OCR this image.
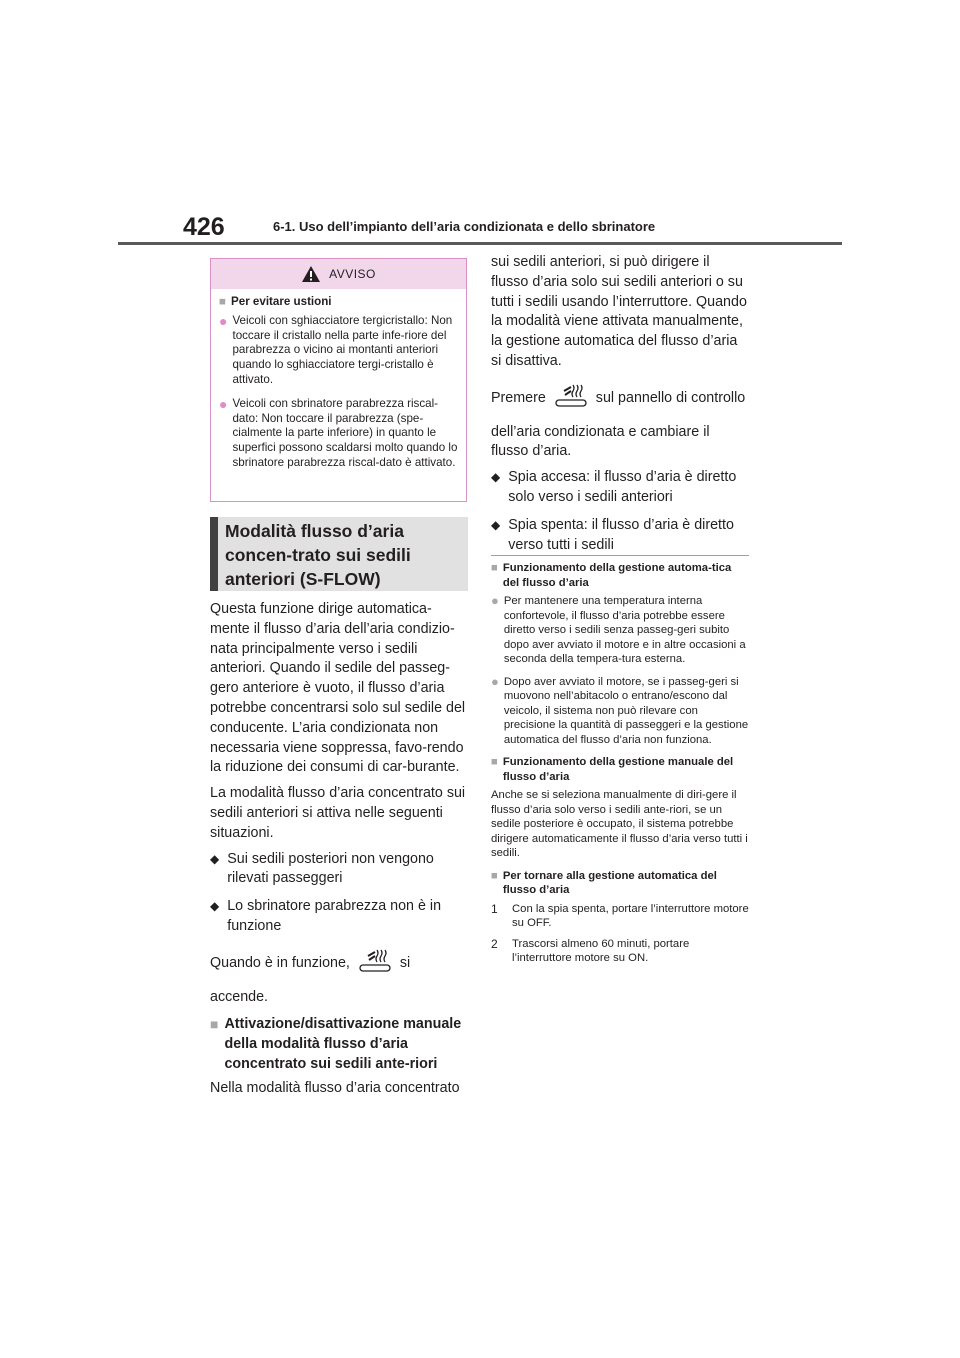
426	6-1. Uso dell’impianto dell’aria condizionata e dello sbrinatore
AVVISO
■ Per evitare ustioni
● Veicoli con sghiacciatore tergicristallo: Non toccare il cristallo nella parte infe-riore del parabrezza o vicino ai montanti anteriori quando lo sghiacciatore tergi-cristallo è attivato.
● Veicoli con sbrinatore parabrezza riscal-dato: Non toccare il parabrezza (spe-cialmente la parte inferiore) in quanto le superfici possono scaldarsi molto quando lo sbrinatore parabrezza riscal-dato è attivato.
Modalità flusso d’aria concen-trato sui sedili anteriori (S-FLOW)

Questa funzione dirige automatica-mente il flusso d’aria dell’aria condizio-nata principalmente verso i sedili anteriori. Quando il sedile del passeg-gero anteriore è vuoto, il flusso d’aria potrebbe concentrarsi solo sul sedile del conducente. L’aria condizionata non necessaria viene soppressa, favo-rendo la riduzione dei consumi di car-burante.

La modalità flusso d’aria concentrato sui sedili anteriori si attiva nelle seguenti situazioni.

◆ Sui sedili posteriori non vengono rilevati passeggeri
◆ Lo sbrinatore parabrezza non è in funzione

Quando è in funzione,	si

accende.

■ Attivazione/disattivazione manuale della modalità flusso d’aria concentrato sui sedili ante-riori

Nella modalità flusso d’aria concentrato

sui sedili anteriori, si può dirigere il flusso d’aria solo sui sedili anteriori o su tutti i sedili usando l’interruttore. Quando la modalità viene attivata manualmente, la gestione automatica del flusso d’aria si disattiva.

Premere	sul pannello di controllo

dell’aria condizionata e cambiare il flusso d’aria.

◆ Spia accesa: il flusso d’aria è diretto solo verso i sedili anteriori
◆ Spia spenta: il flusso d’aria è diretto verso tutti i sedili
■ Funzionamento della gestione automa-tica del flusso d’aria
● Per mantenere una temperatura interna confortevole, il flusso d’aria potrebbe essere diretto verso i sedili senza passeg-geri subito dopo aver avviato il motore e in altre occasioni a seconda della tempera-tura esterna.
● Dopo aver avviato il motore, se i passeg-geri si muovono nell’abitacolo o entrano/escono dal veicolo, il sistema non può rilevare con precisione la quantità di passeggeri e la gestione automatica del flusso d’aria non funziona.
■ Funzionamento della gestione manuale del flusso d’aria

Anche se si seleziona manualmente di diri-gere il flusso d’aria solo verso i sedili ante-riori, se un sedile posteriore è occupato, il sistema potrebbe dirigere automaticamente il flusso d’aria verso tutti i sedili.

■ Per tornare alla gestione automatica del flusso d’aria
1	Con la spia spenta, portare l’interruttore motore su OFF.
2	Trascorsi almeno 60 minuti, portare l’interruttore motore su ON.
